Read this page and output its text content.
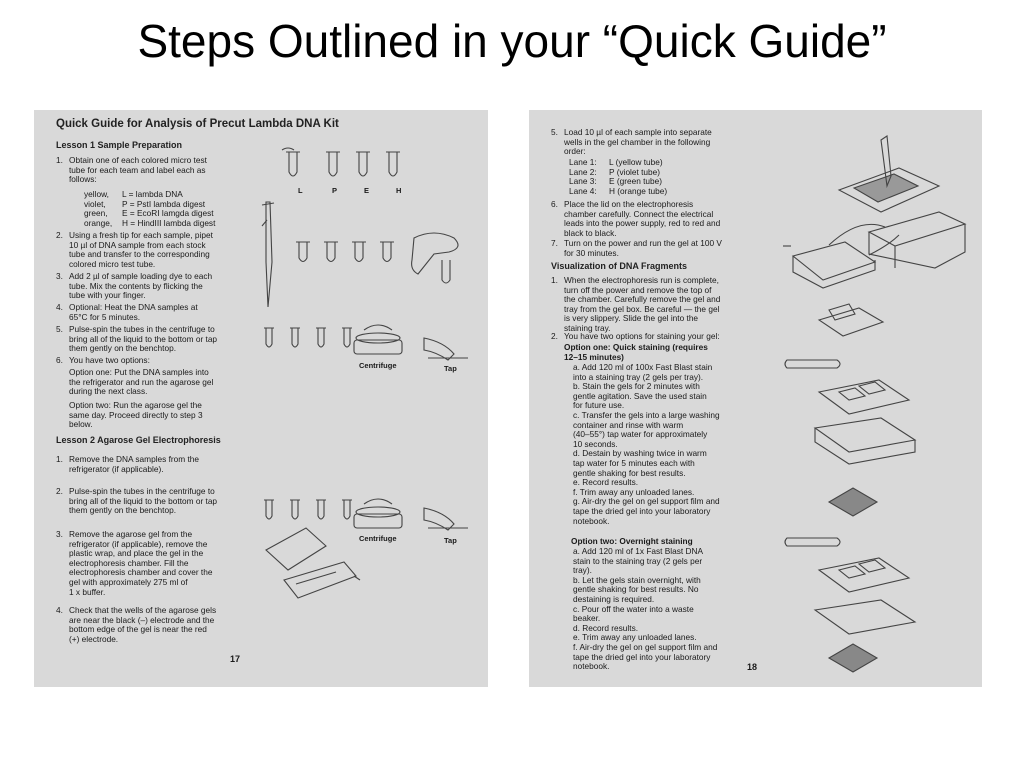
Steps Outlined in your “Quick Guide”
Quick Guide for Analysis of Precut Lambda DNA Kit
Lesson 1 Sample Preparation
1. Obtain one of each colored micro test
tube for each team and label each as
follows:
yellow,	L = lambda DNA
violet,	P = PstI lambda digest
green,	E = EcoRI lamgda digest
orange,	H = HindIII lambda digest
2. Using a fresh tip for each sample, pipet
10 µl of DNA sample from each stock
tube and transfer to the corresponding
colored micro test tube.
3. Add 2 µl of sample loading dye to each
tube. Mix the contents by flicking the
tube with your finger.
4. Optional: Heat the DNA samples at
65°C for 5 minutes.
5. Pulse-spin the tubes in the centrifuge to
bring all of the liquid to the bottom or tap
them gently on the benchtop.
6. You have two options:
Option one: Put the DNA samples into
the refrigerator and run the agarose gel
during the next class.
Option two: Run the agarose gel the
same day. Proceed directly to step 3
below.
Lesson 2 Agarose Gel Electrophoresis
1. Remove the DNA samples from the
refrigerator (if applicable).
2. Pulse-spin the tubes in the centrifuge to
bring all of the liquid to the bottom or tap
them gently on the benchtop.
3. Remove the agarose gel from the
refrigerator (if applicable), remove the
plastic wrap, and place the gel in the
electrophoresis chamber. Fill the
electrophoresis chamber and cover the
gel with approximately 275 ml of
1 x buffer.
4. Check that the wells of the agarose gels
are near the black (–) electrode and the
bottom edge of the gel is near the red
(+) electrode.
17
L	P	E	H
Centrifuge	Tap
Centrifuge	Tap
5. Load 10 µl of each sample into separate
wells in the gel chamber in the following
order:
Lane 1:	L (yellow tube)
Lane 2:	P (violet tube)
Lane 3:	E (green tube)
Lane 4:	H (orange tube)
6. Place the lid on the electrophoresis
chamber carefully. Connect the electrical
leads into the power supply, red to red and
black to black.
7. Turn on the power and run the gel at 100 V
for 30 minutes.
Visualization of DNA Fragments
1. When the electrophoresis run is complete,
turn off the power and remove the top of
the chamber. Carefully remove the gel and
tray from the gel box. Be careful — the gel
is very slippery. Slide the gel into the
staining tray.
2. You have two options for staining your gel:
Option one: Quick staining (requires
12–15 minutes)
a. Add 120 ml of 100x Fast Blast stain
into a staining tray (2 gels per tray).
b. Stain the gels for 2 minutes with
gentle agitation. Save the used stain
for future use.
c. Transfer the gels into a large washing
container and rinse with warm
(40–55°) tap water for approximately
10 seconds.
d. Destain by washing twice in warm
tap water for 5 minutes each with
gentle shaking for best results.
e. Record results.
f. Trim away any unloaded lanes.
g. Air-dry the gel on gel support film and
tape the dried gel into your laboratory
notebook.
Option two: Overnight staining
a. Add 120 ml of 1x Fast Blast DNA
stain to the staining tray (2 gels per
tray).
b. Let the gels stain overnight, with
gentle shaking for best results. No
destaining is required.
c. Pour off the water into a waste
beaker.
d. Record results.
e. Trim away any unloaded lanes.
f. Air-dry the gel on gel support film and
tape the dried gel into your laboratory
notebook.	18
